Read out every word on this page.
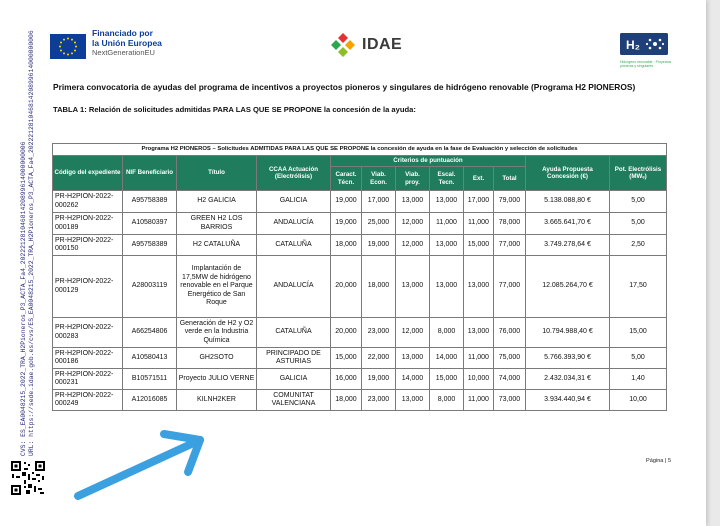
CVS: ES_EA0048215_2022_TRA_H2Pioneros_P3_ACTA_Fa4_20222128104681420899614000000006 URL: https://sede.idae.gob.es/cvs/ES_EA0048215_2022_TRA_H2Pioneros_P3_ACTA_Fa4_20222128104681420899614000000006	Financiado por
la Unión Europea
NextGenerationEU	IDAE	H₂
Hidrógeno renovable · Proyectos pioneros y singulares
Primera convocatoria de ayudas del programa de incentivos a proyectos pioneros y singulares de hidrógeno renovable (Programa H2 PIONEROS)
TABLA 1: Relación de solicitudes admitidas PARA LAS QUE SE PROPONE la concesión de la ayuda:
Programa H2 PIONEROS – Solicitudes ADMITIDAS PARA LAS QUE SE PROPONE la concesión de ayuda en la fase de Evaluación y selección de solicitudes											
Código del expediente	NIF Beneficiario	Título	CCAA Actuación (Electrólisis)	Criterios de puntuación						Ayuda Propuesta Concesión (€)	Pot. Electrólisis (MWₑ)
				Caract. Técn.	Viab. Econ.	Viab. proy.	Escal. Tecn.	Ext.	Total		
PR-H2PION-2022-000262	A95758389	H2 GALICIA	GALICIA	19,000	17,000	13,000	13,000	17,000	79,000	5.138.088,80 €	5,00
PR-H2PION-2022-000189	A10580397	GREEN H2 LOS BARRIOS	ANDALUCÍA	19,000	25,000	12,000	11,000	11,000	78,000	3.665.641,70 €	5,00
PR-H2PION-2022-000150	A95758389	H2 CATALUÑA	CATALUÑA	18,000	19,000	12,000	13,000	15,000	77,000	3.749.278,64 €	2,50
PR-H2PION-2022-000129	A28003119	Implantación de 17,5MW de hidrógeno renovable en el Parque Energético de San Roque	ANDALUCÍA	20,000	18,000	13,000	13,000	13,000	77,000	12.085.264,70 €	17,50
PR-H2PION-2022-000283	A66254806	Generación de H2 y O2 verde en la Industria Química	CATALUÑA	20,000	23,000	12,000	8,000	13,000	76,000	10.794.988,40 €	15,00
PR-H2PION-2022-000186	A10580413	GH2SOTO	PRINCIPADO DE ASTURIAS	15,000	22,000	13,000	14,000	11,000	75,000	5.766.393,90 €	5,00
PR-H2PION-2022-000231	B10571511	Proyecto JULIO VERNE	GALICIA	16,000	19,000	14,000	15,000	10,000	74,000	2.432.034,31 €	1,40
PR-H2PION-2022-000249	A12016085	KILNH2KER	COMUNITAT VALENCIANA	18,000	23,000	13,000	8,000	11,000	73,000	3.934.440,94 €	10,00
Página | 5
